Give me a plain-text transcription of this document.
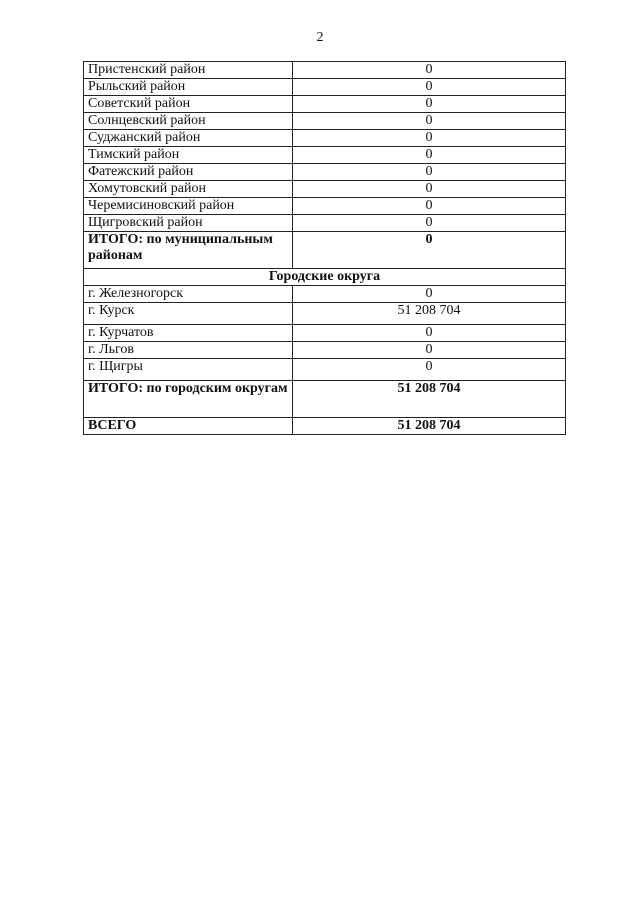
2
Пристенский район	0
Рыльский район	0
Советский район	0
Солнцевский район	0
Суджанский район	0
Тимский район	0
Фатежский район	0
Хомутовский район	0
Черемисиновский район	0
Щигровский район	0
ИТОГО: по муниципальным районам	0
Городские округа	
г. Железногорск	0
г. Курск	51 208 704
г. Курчатов	0
г. Льгов	0
г. Щигры	0
ИТОГО: по городским округам	51 208 704
ВСЕГО	51 208 704
